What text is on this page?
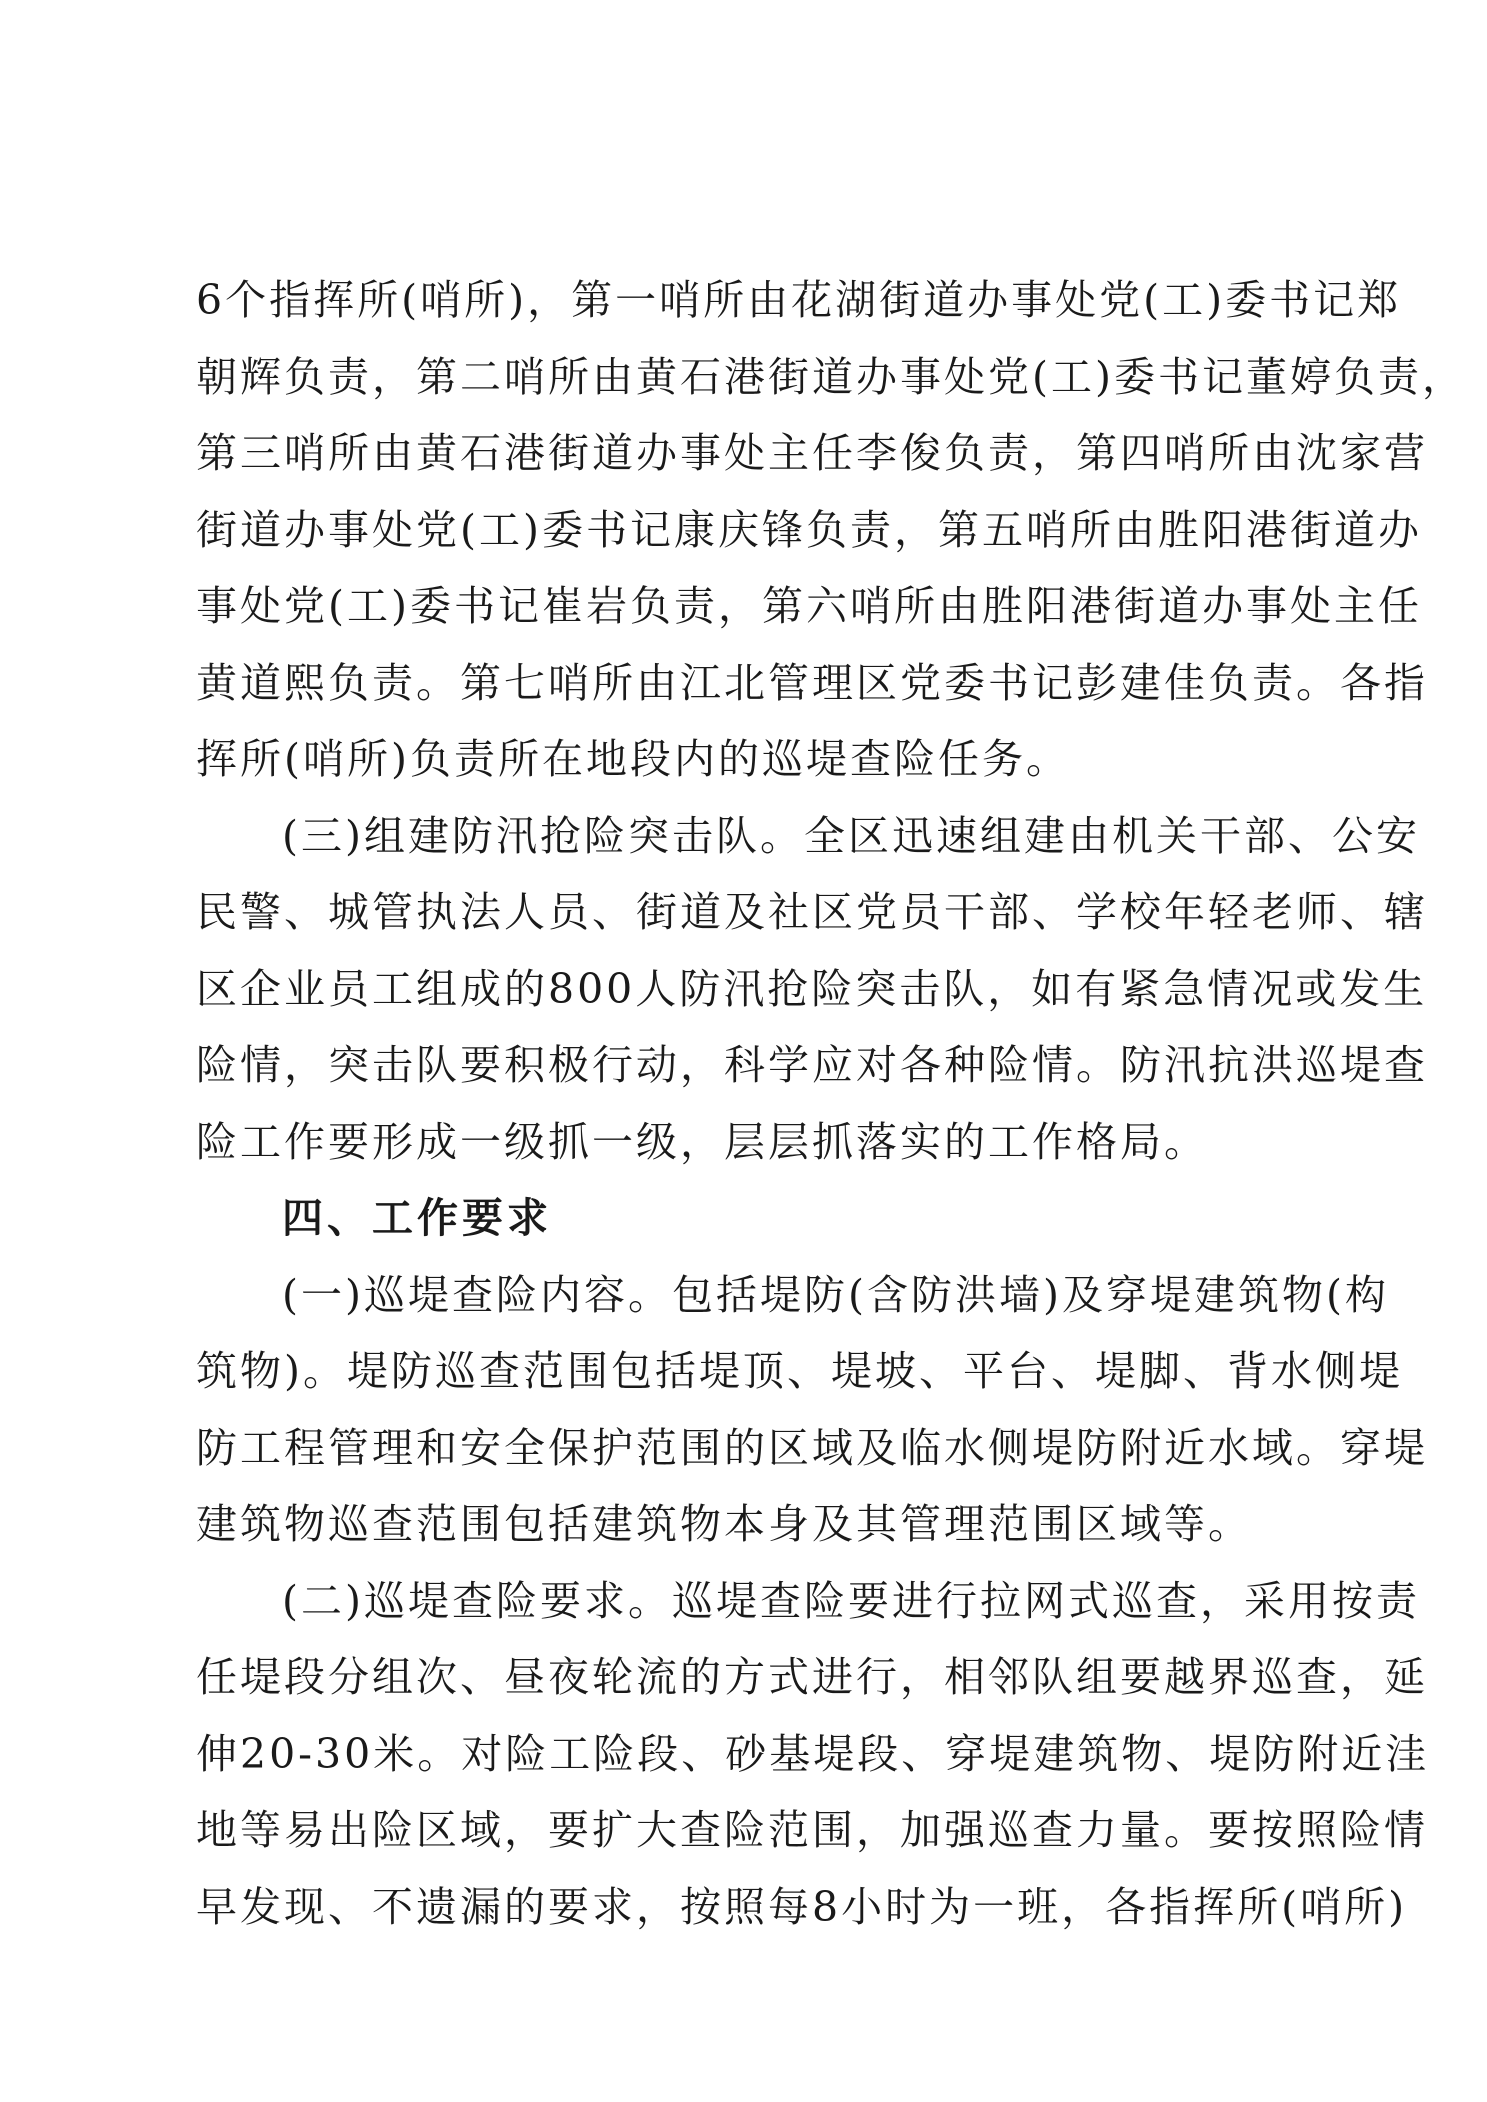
6个指挥所(哨所)，第一哨所由花湖街道办事处党(工)委书记郑
朝辉负责，第二哨所由黄石港街道办事处党(工)委书记董婷负责，
第三哨所由黄石港街道办事处主任李俊负责，第四哨所由沈家营
街道办事处党(工)委书记康庆锋负责，第五哨所由胜阳港街道办
事处党(工)委书记崔岩负责，第六哨所由胜阳港街道办事处主任
黄道熙负责。第七哨所由江北管理区党委书记彭建佳负责。各指
挥所(哨所)负责所在地段内的巡堤查险任务。
(三)组建防汛抢险突击队。全区迅速组建由机关干部、公安
民警、城管执法人员、街道及社区党员干部、学校年轻老师、辖
区企业员工组成的800人防汛抢险突击队，如有紧急情况或发生
险情，突击队要积极行动，科学应对各种险情。防汛抗洪巡堤查
险工作要形成一级抓一级，层层抓落实的工作格局。
四、工作要求
(一)巡堤查险内容。包括堤防(含防洪墙)及穿堤建筑物(构
筑物)。堤防巡查范围包括堤顶、堤坡、平台、堤脚、背水侧堤
防工程管理和安全保护范围的区域及临水侧堤防附近水域。穿堤
建筑物巡查范围包括建筑物本身及其管理范围区域等。
(二)巡堤查险要求。巡堤查险要进行拉网式巡查，采用按责
任堤段分组次、昼夜轮流的方式进行，相邻队组要越界巡查，延
伸20-30米。对险工险段、砂基堤段、穿堤建筑物、堤防附近洼
地等易出险区域，要扩大查险范围，加强巡查力量。要按照险情
早发现、不遗漏的要求，按照每8小时为一班，各指挥所(哨所)
